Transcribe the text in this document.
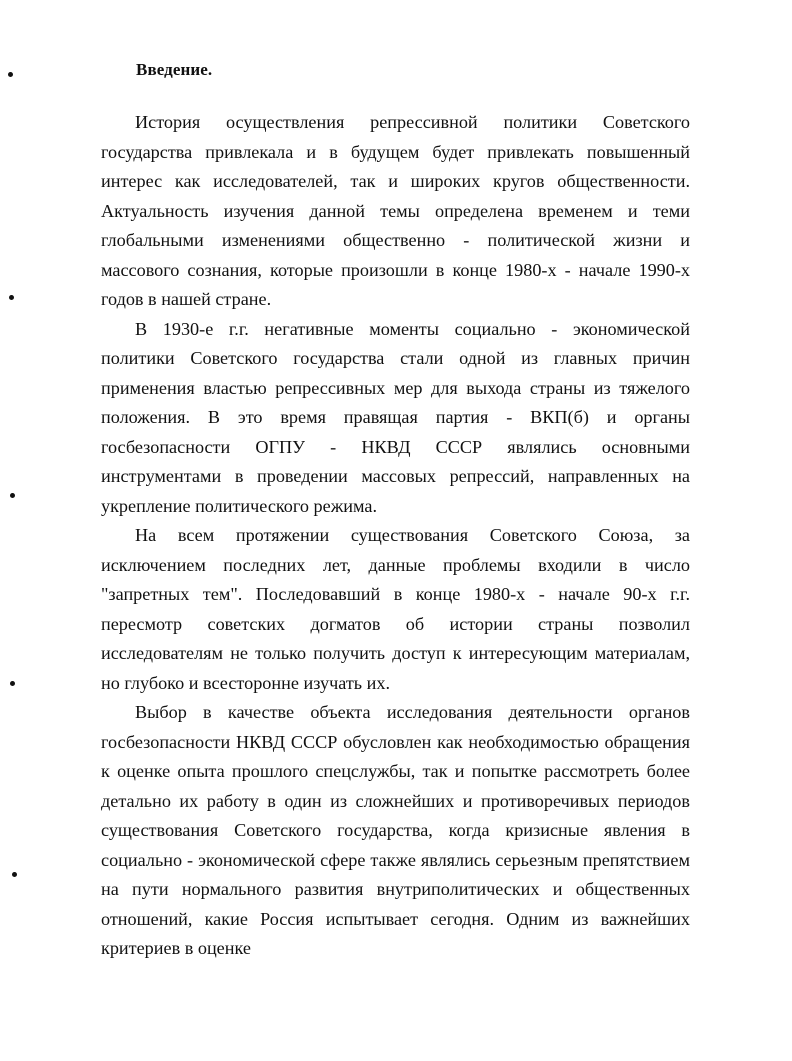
Введение.

История осуществления репрессивной политики Советского государства привлекала и в будущем будет привлекать повышенный интерес как исследователей, так и широких кругов общественности. Актуальность изучения данной темы определена временем и теми глобальными изменениями общественно - политической жизни и массового сознания, которые произошли в конце 1980-х - начале 1990-х годов в нашей стране.

В 1930-е г.г. негативные моменты социально - экономической политики Советского государства стали одной из главных причин применения властью репрессивных мер для выхода страны из тяжелого положения. В это время правящая партия - ВКП(б) и органы госбезопасности ОГПУ - НКВД СССР являлись основными инструментами в проведении массовых репрессий, направленных на укрепление политического режима.

На всем протяжении существования Советского Союза, за исключением последних лет, данные проблемы входили в число "запретных тем". Последовавший в конце 1980-х - начале 90-х г.г. пересмотр советских догматов об истории страны позволил исследователям не только получить доступ к интересующим материалам, но глубоко и всесторонне изучать их.

Выбор в качестве объекта исследования деятельности органов госбезопасности НКВД СССР обусловлен как необходимостью обращения к оценке опыта прошлого спецслужбы, так и попытке рассмотреть более детально их работу в один из сложнейших и противоречивых периодов существования Советского государства, когда кризисные явления в социально - экономической сфере также являлись серьезным препятствием на пути нормального развития внутриполитических и общественных отношений, какие Россия испытывает сегодня. Одним из важнейших критериев в оценке
